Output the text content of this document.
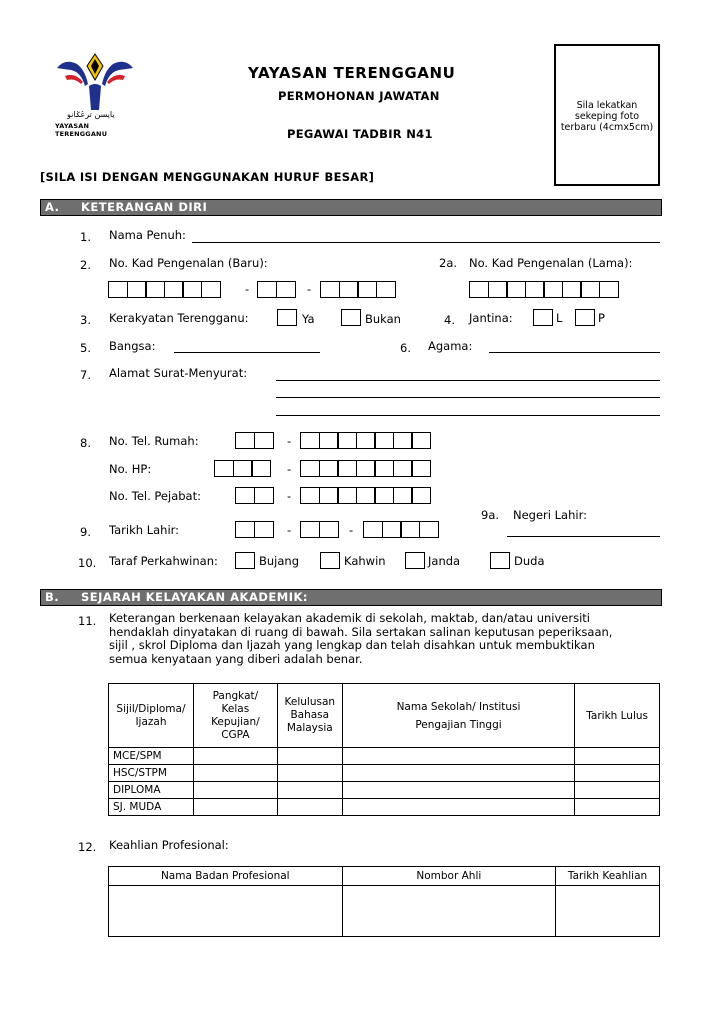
يايسن ترڠݢانو
YAYASAN TERENGGANU
YAYASAN TERENGGANU
PERMOHONAN JAWATAN
PEGAWAI TADBIR N41
Sila lekatkan sekeping foto terbaru (4cmx5cm)
[SILA ISI DENGAN MENGGUNAKAN HURUF BESAR]
A. KETERANGAN DIRI
1. Nama Penuh:
2. No. Kad Pengenalan (Baru):	2a. No. Kad Pengenalan (Lama):
-	-
3. Kerakyatan Terengganu:	Ya	Bukan	4. Jantina:	L	P
5. Bangsa:	6. Agama:
7. Alamat Surat-Menyurat:
8. No. Tel. Rumah:	-
No. HP:	-
No. Tel. Pejabat:	-
9a. Negeri Lahir:
9. Tarikh Lahir:	-	-
10. Taraf Perkahwinan:	Bujang	Kahwin	Janda	Duda
B. SEJARAH KELAYAKAN AKADEMIK:
11. Keterangan berkenaan kelayakan akademik di sekolah, maktab, dan/atau universiti
hendaklah dinyatakan di ruang di bawah. Sila sertakan salinan keputusan peperiksaan,
sijil , skrol Diploma dan Ijazah yang lengkap dan telah disahkan untuk membuktikan
semua kenyataan yang diberi adalah benar.
Sijil/Diploma/ Ijazah	Pangkat/ Kelas Kepujian/ CGPA	Kelulusan Bahasa Malaysia	Nama Sekolah/ Institusi Pengajian Tinggi	Tarikh Lulus
MCE/SPM				
HSC/STPM				
DIPLOMA				
SJ. MUDA				
12. Keahlian Profesional:
Nama Badan Profesional	Nombor Ahli	Tarikh Keahlian
